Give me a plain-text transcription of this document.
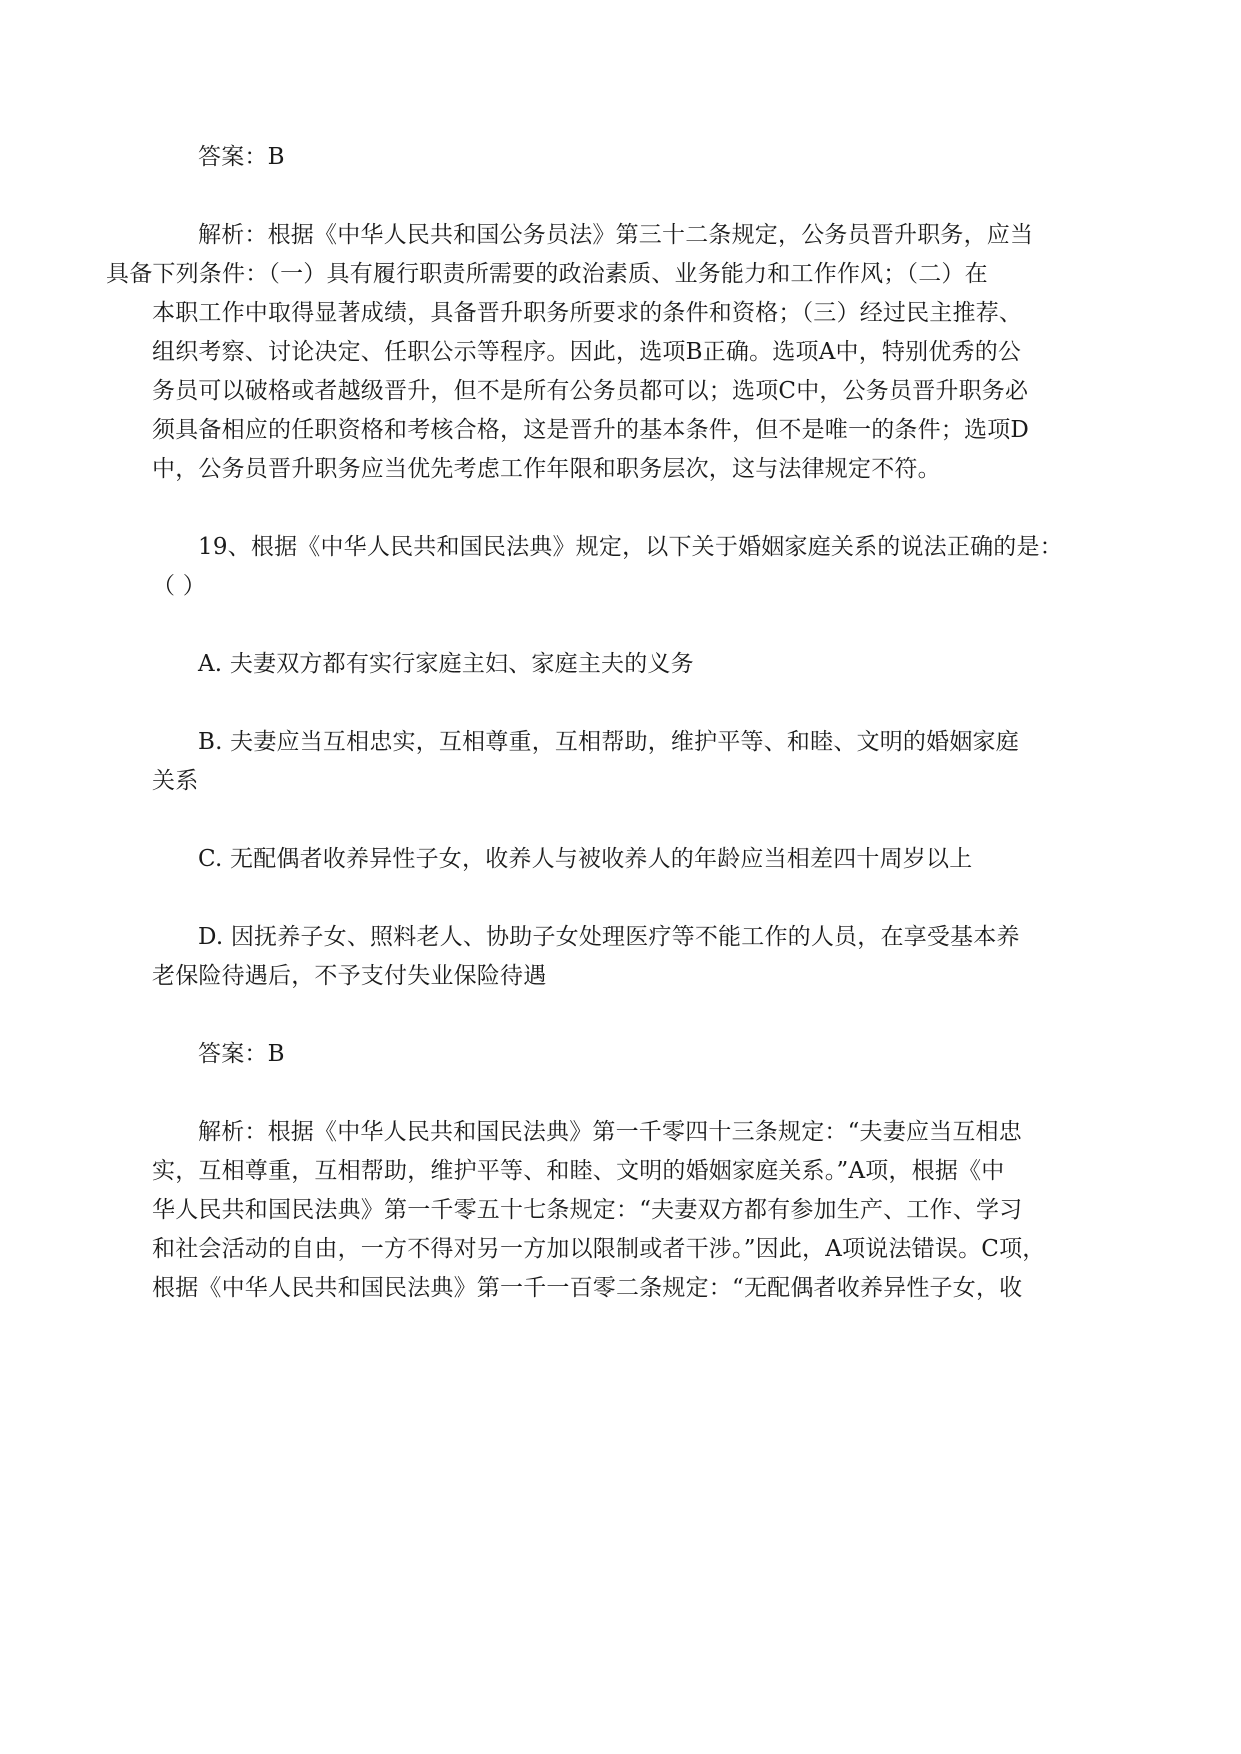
答案：B

解析：根据《中华人民共和国公务员法》第三十二条规定，公务员晋升职务，应当
具备下列条件：（一）具有履行职责所需要的政治素质、业务能力和工作作风；（二）在
本职工作中取得显著成绩，具备晋升职务所要求的条件和资格；（三）经过民主推荐、
组织考察、讨论决定、任职公示等程序。因此，选项B正确。选项A中，特别优秀的公
务员可以破格或者越级晋升，但不是所有公务员都可以；选项C中，公务员晋升职务必
须具备相应的任职资格和考核合格，这是晋升的基本条件，但不是唯一的条件；选项D
中，公务员晋升职务应当优先考虑工作年限和职务层次，这与法律规定不符。

19、根据《中华人民共和国民法典》规定，以下关于婚姻家庭关系的说法正确的是：
（ ）

A. 夫妻双方都有实行家庭主妇、家庭主夫的义务

B. 夫妻应当互相忠实，互相尊重，互相帮助，维护平等、和睦、文明的婚姻家庭
关系

C. 无配偶者收养异性子女，收养人与被收养人的年龄应当相差四十周岁以上

D. 因抚养子女、照料老人、协助子女处理医疗等不能工作的人员，在享受基本养
老保险待遇后，不予支付失业保险待遇

答案：B

解析：根据《中华人民共和国民法典》第一千零四十三条规定：“夫妻应当互相忠
实，互相尊重，互相帮助，维护平等、和睦、文明的婚姻家庭关系。”A项，根据《中
华人民共和国民法典》第一千零五十七条规定：“夫妻双方都有参加生产、工作、学习
和社会活动的自由，一方不得对另一方加以限制或者干涉。”因此，A项说法错误。C项，
根据《中华人民共和国民法典》第一千一百零二条规定：“无配偶者收养异性子女，收
